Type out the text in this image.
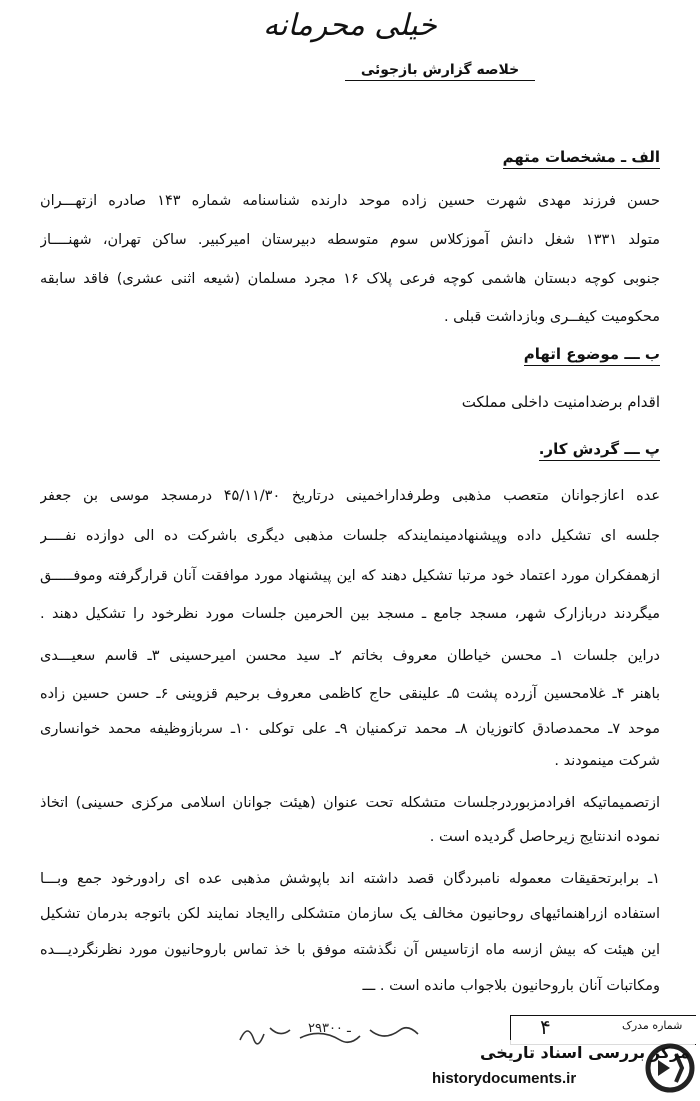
خیلی محرمانه
خلاصه گزارش بازجوئی
الف ـ مشخصات متهم
حسن فرزند مهدی شهرت حسین زاده موحد دارنده شناسنامه شماره ۱۴۳ صادره ازتهـــران
متولد ۱۳۳۱ شغل دانش آموزکلاس سوم متوسطه دبیرستان امیرکبیر. ساکن تهران، شهنــــاز
جنوبی کوچه دبستان هاشمی کوچه فرعی پلاک ۱۶ مجرد مسلمان (شیعه اثنی عشری) فاقد سابقه
محکومیت کیفــری وبازداشت قبلی .
ب ـــ موضوع اتهام
اقدام برضدامنیت داخلی مملکت
پ ـــ گردش کار.
عده اعازجوانان متعصب مذهبی وطرفداراخمینی درتاریخ ۴۵/۱۱/۳۰ درمسجد موسی بن جعفر
جلسه ای تشکیل داده وپیشنهادمینمایندکه جلسات مذهبی دیگری باشرکت ده الی دوازده نفــــر
ازهمفکران مورد اعتماد خود مرتبا تشکیل دهند که این پیشنهاد مورد موافقت آنان قرارگرفته وموفـــــق
میگردند دربازارک شهر، مسجد جامع ـ مسجد بین الحرمین جلسات مورد نظرخود را تشکیل دهند .
دراین جلسات ۱ـ محسن خیاطان معروف بخاتم ۲ـ سید محسن امیرحسینی ۳ـ قاسم سعیـــدی
باهنر ۴ـ غلامحسین آزرده پشت ۵ـ علینقی حاج کاظمی معروف برحیم قزوینی ۶ـ حسن حسین زاده
موحد ۷ـ محمدصادق کاتوزیان ۸ـ محمد ترکمنیان ۹ـ علی توکلی ۱۰ـ سربازوظیفه محمد خوانساری
شرکت مینمودند .
ازتصمیماتیکه افرادمزبوردرجلسات متشکله تحت عنوان (هیئت جوانان اسلامی مرکزی حسینی) اتخاذ
نموده اندنتایج زیرحاصل گردیده است .
۱ـ برابرتحقیقات معموله نامبردگان قصد داشته اند باپوشش مذهبی عده ای رادورخود جمع وبـــا
استفاده ازراهنمائیهای روحانیون مخالف یک سازمان متشکلی راایجاد نمایند لکن باتوجه بدرمان تشکیل
این هیئت که بیش ازسه ماه ازتاسیس آن نگذشته موفق با خذ تماس باروحانیون مورد نظرنگردیـــده
ومکاتبات آنان باروحانیون بلاجواب مانده است . ـــ
شماره مدرک
۴
۲۹۳۰۰ ـ
مرکز بررسی اسناد تاریخی
historydocuments.ir
